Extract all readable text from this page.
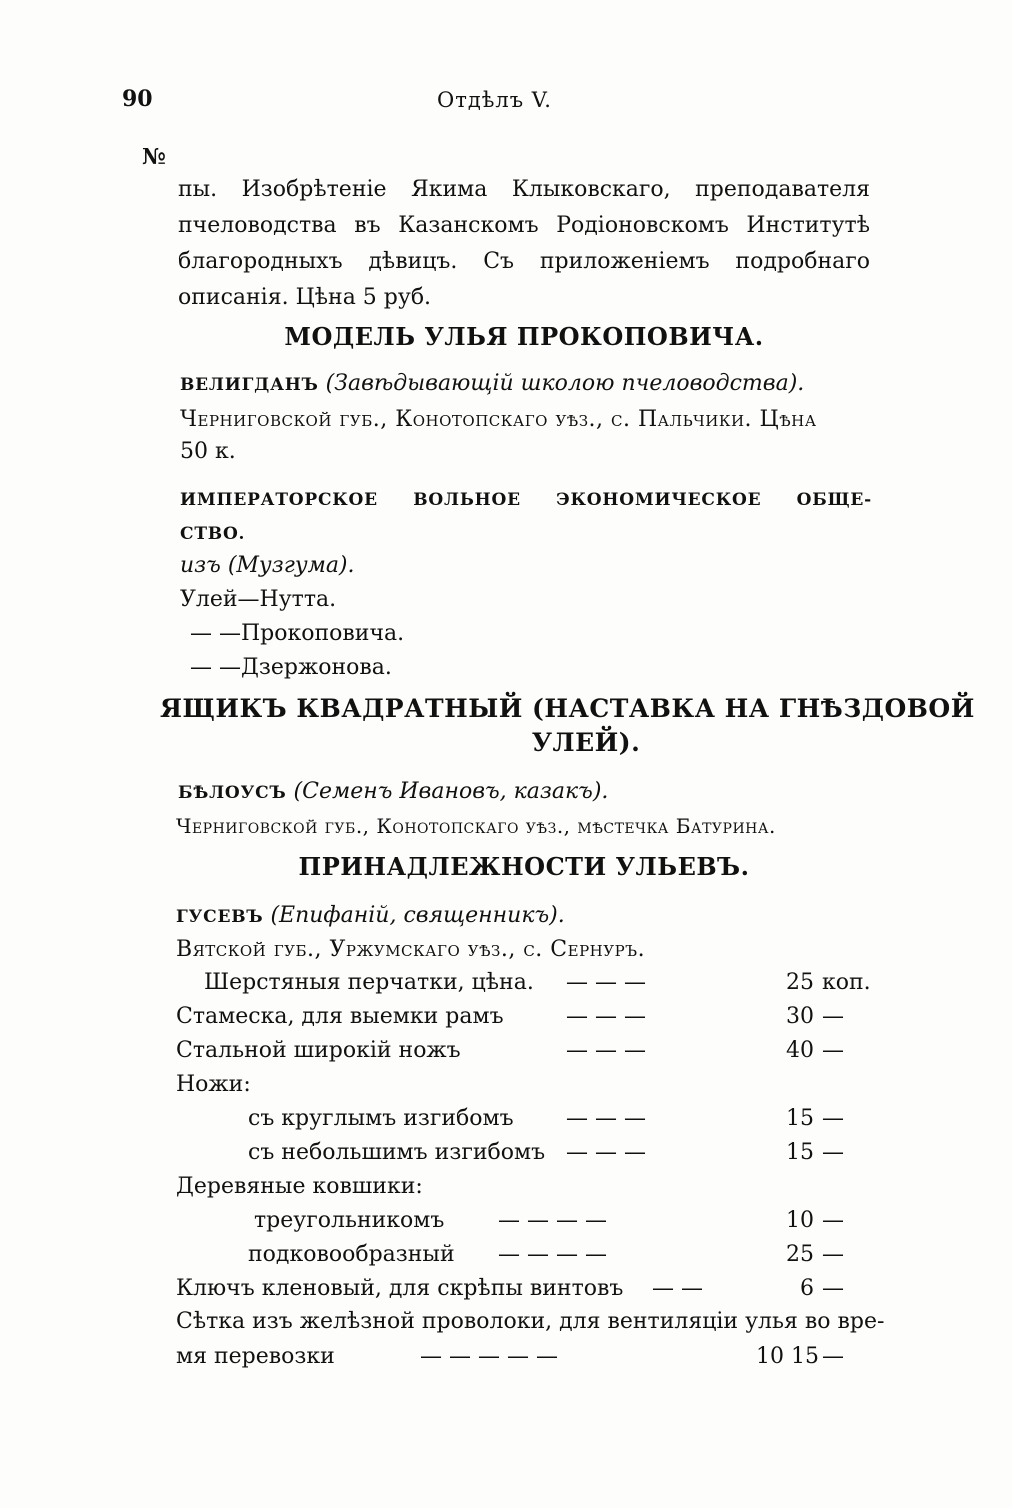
90	Отдѣлъ V.
№
пы. Изобрѣтеніе Якима Клыковскаго, преподавателя пчеловодства въ Казанскомъ Родіоновскомъ Институтѣ благородныхъ дѣвицъ. Съ приложеніемъ подробнаго описанія. Цѣна 5 руб.
МОДЕЛЬ УЛЬЯ ПРОКОПОВИЧА.
ВЕЛИГДАНЪ (Завѣдывающій школою пчеловодства).
Черниговской губ., Конотопскаго уѣз., с. Пальчики. Цѣна
50 к.
ИМПЕРАТОРСКОЕ ВОЛЬНОЕ ЭКОНОМИЧЕСКОЕ ОБЩЕ-
СТВО.
изъ (Музгума).
Улей—Нутта.
— —Прокоповича.
— —Дзержонова.
ЯЩИКЪ КВАДРАТНЫЙ (НАСТАВКА НА ГНѢЗДОВОЙ
УЛЕЙ).
БѢЛОУСЪ (Семенъ Ивановъ, казакъ).
Черниговской губ., Конотопскаго уѣз., мѣстечка Батурина.
ПРИНАДЛЕЖНОСТИ УЛЬЕВЪ.
ГУСЕВЪ (Епифаній, священникъ).
Вятской губ., Уржумскаго уѣз., с. Сернуръ.
Шерстяныя перчатки, цѣна. — — —	25 коп.
Стамеска, для выемки рамъ	— — —	30 —
Стальной широкій ножъ	— — —	40 —
Ножи:
съ круглымъ изгибомъ — — —	15 —
съ небольшимъ изгибомъ — — —	15 —
Деревяные ковшики:
треугольникомъ — — — —	10 —
подковообразный — — — —	25 —
Ключъ кленовый, для скрѣпы винтовъ — —	6 —
Сѣтка изъ желѣзной проволоки, для вентиляціи улья во вре-
мя перевозки	— — — — —	10 15 —
